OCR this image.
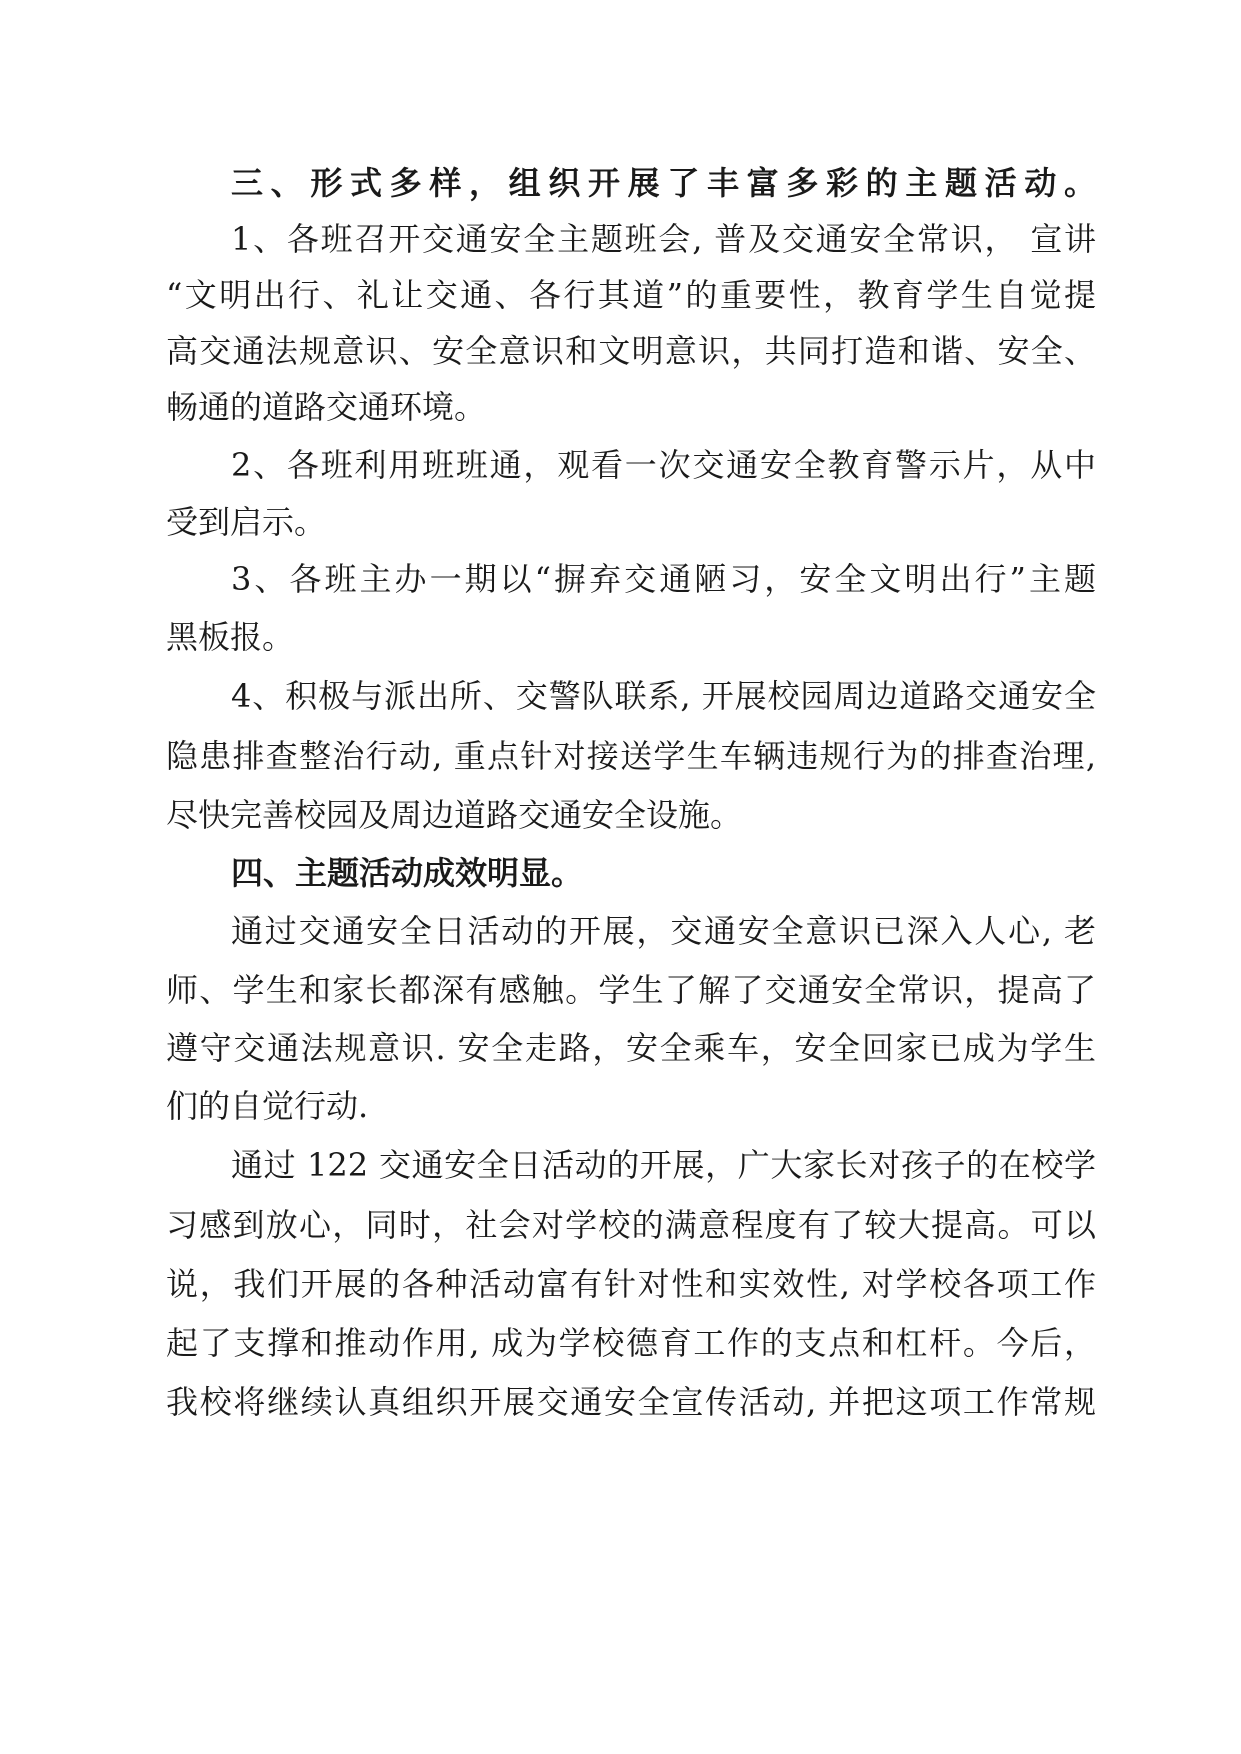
三、形式多样，组织开展了丰富多彩的主题活动。
1、各班召开交通安全主题班会, 普及交通安全常识， 宣讲
“文明出行、礼让交通、各行其道”的重要性，教育学生自觉提
高交通法规意识、安全意识和文明意识，共同打造和谐、安全、
畅通的道路交通环境。
2、各班利用班班通，观看一次交通安全教育警示片，从中
受到启示。
3、各班主办一期以“摒弃交通陋习，安全文明出行”主题
黑板报。
4、积极与派出所、交警队联系, 开展校园周边道路交通安全
隐患排查整治行动, 重点针对接送学生车辆违规行为的排查治理,
尽快完善校园及周边道路交通安全设施。
四、主题活动成效明显。
通过交通安全日活动的开展，交通安全意识已深入人心, 老
师、学生和家长都深有感触。学生了解了交通安全常识，提高了
遵守交通法规意识. 安全走路，安全乘车，安全回家已成为学生
们的自觉行动.
通过 122 交通安全日活动的开展，广大家长对孩子的在校学
习感到放心，同时，社会对学校的满意程度有了较大提高。可以
说，我们开展的各种活动富有针对性和实效性, 对学校各项工作
起了支撑和推动作用, 成为学校德育工作的支点和杠杆。今后，
我校将继续认真组织开展交通安全宣传活动, 并把这项工作常规
